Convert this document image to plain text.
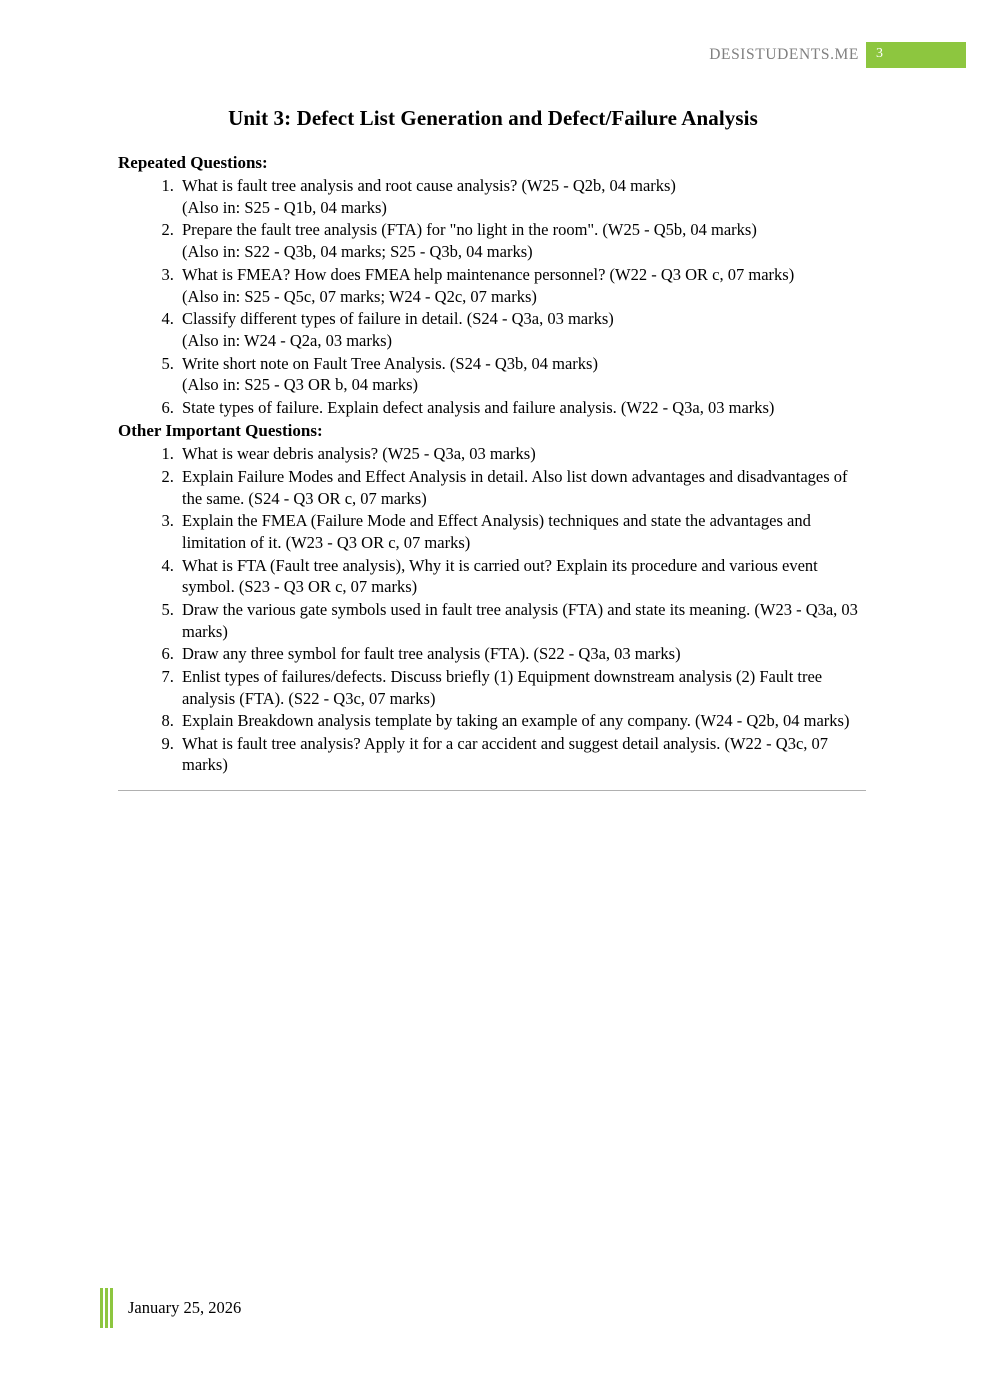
DESISTUDENTS.ME 3
Unit 3: Defect List Generation and Defect/Failure Analysis
Repeated Questions:
1. What is fault tree analysis and root cause analysis? (W25 - Q2b, 04 marks)
(Also in: S25 - Q1b, 04 marks)
2. Prepare the fault tree analysis (FTA) for "no light in the room". (W25 - Q5b, 04 marks)
(Also in: S22 - Q3b, 04 marks; S25 - Q3b, 04 marks)
3. What is FMEA? How does FMEA help maintenance personnel? (W22 - Q3 OR c, 07 marks)
(Also in: S25 - Q5c, 07 marks; W24 - Q2c, 07 marks)
4. Classify different types of failure in detail. (S24 - Q3a, 03 marks)
(Also in: W24 - Q2a, 03 marks)
5. Write short note on Fault Tree Analysis. (S24 - Q3b, 04 marks)
(Also in: S25 - Q3 OR b, 04 marks)
6. State types of failure. Explain defect analysis and failure analysis. (W22 - Q3a, 03 marks)
Other Important Questions:
1. What is wear debris analysis? (W25 - Q3a, 03 marks)
2. Explain Failure Modes and Effect Analysis in detail. Also list down advantages and disadvantages of the same. (S24 - Q3 OR c, 07 marks)
3. Explain the FMEA (Failure Mode and Effect Analysis) techniques and state the advantages and limitation of it. (W23 - Q3 OR c, 07 marks)
4. What is FTA (Fault tree analysis), Why it is carried out? Explain its procedure and various event symbol. (S23 - Q3 OR c, 07 marks)
5. Draw the various gate symbols used in fault tree analysis (FTA) and state its meaning. (W23 - Q3a, 03 marks)
6. Draw any three symbol for fault tree analysis (FTA). (S22 - Q3a, 03 marks)
7. Enlist types of failures/defects. Discuss briefly (1) Equipment downstream analysis (2) Fault tree analysis (FTA). (S22 - Q3c, 07 marks)
8. Explain Breakdown analysis template by taking an example of any company. (W24 - Q2b, 04 marks)
9. What is fault tree analysis? Apply it for a car accident and suggest detail analysis. (W22 - Q3c, 07 marks)
January 25, 2026
